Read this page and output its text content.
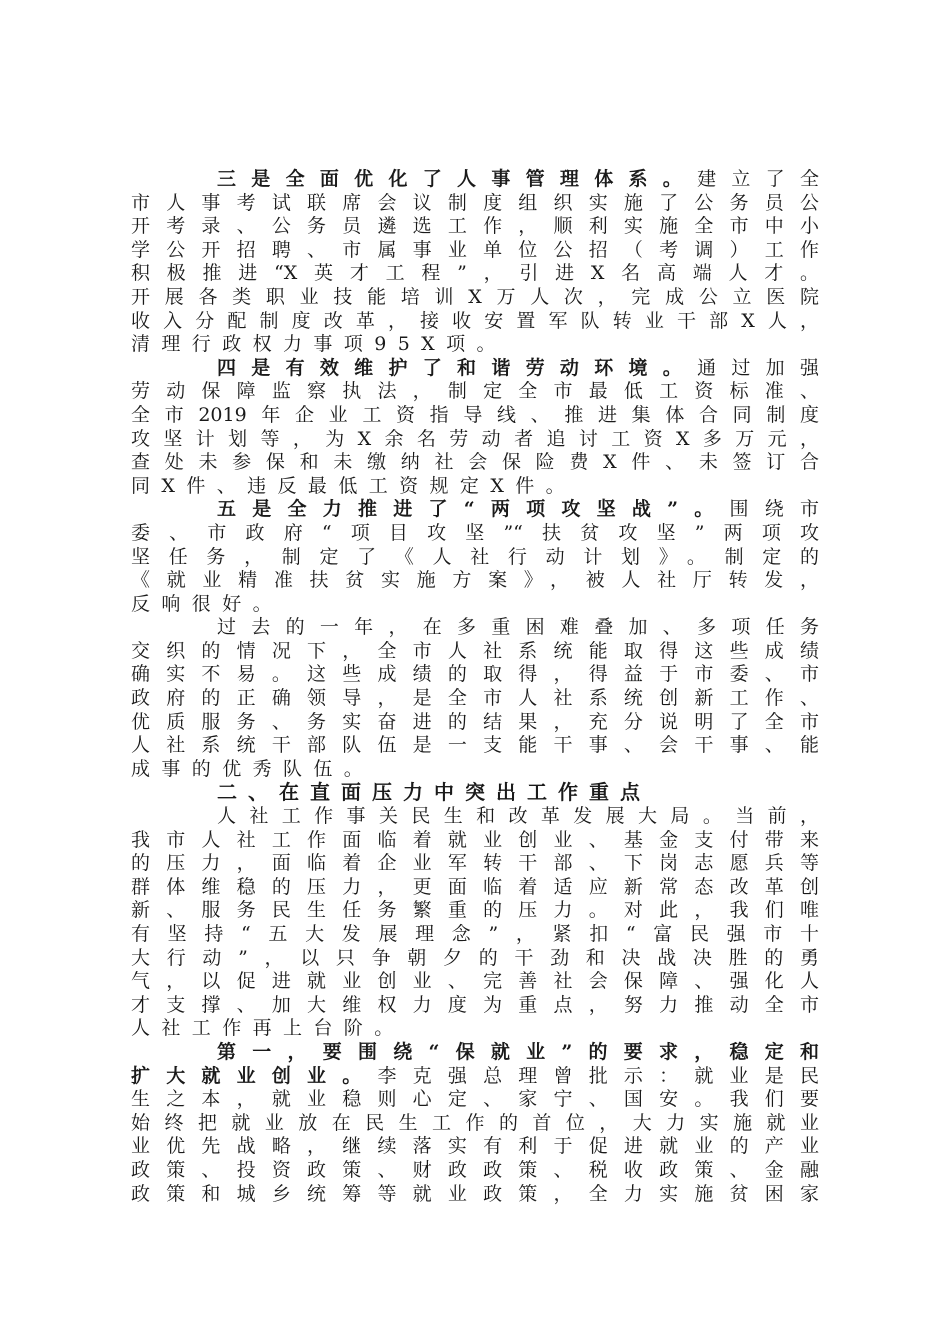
三是全面优化了人事管理体系。建立了全
市人事考试联席会议制度组织实施了公务员公
开考录、公务员遴选工作，顺利实施全市中小
学公开招聘、市属事业单位公招（考调）工作
积极推进“X英才工程”，引进X名高端人才。
开展各类职业技能培训X万人次，完成公立医院
收入分配制度改革，接收安置军队转业干部X人，
清理行政权力事项95X项。
四是有效维护了和谐劳动环境。通过加强
劳动保障监察执法，制定全市最低工资标准、
全市2019年企业工资指导线、推进集体合同制度
攻坚计划等，为X余名劳动者追讨工资X多万元，
查处未参保和未缴纳社会保险费X件、未签订合
同X件、违反最低工资规定X件。
五是全力推进了“两项攻坚战”。围绕市
委、市政府“项目攻坚”“扶贫攻坚”两项攻
坚任务，制定了《人社行动计划》。制定的
《就业精准扶贫实施方案》，被人社厅转发，
反响很好。
过去的一年，在多重困难叠加、多项任务
交织的情况下，全市人社系统能取得这些成绩
确实不易。这些成绩的取得，得益于市委、市
政府的正确领导，是全市人社系统创新工作、
优质服务、务实奋进的结果，充分说明了全市
人社系统干部队伍是一支能干事、会干事、能
成事的优秀队伍。
二、在直面压力中突出工作重点
人社工作事关民生和改革发展大局。当前，
我市人社工作面临着就业创业、基金支付带来
的压力，面临着企业军转干部、下岗志愿兵等
群体维稳的压力，更面临着适应新常态改革创
新、服务民生任务繁重的压力。对此，我们唯
有坚持“五大发展理念”，紧扣“富民强市十
大行动”，以只争朝夕的干劲和决战决胜的勇
气，以促进就业创业、完善社会保障、强化人
才支撑、加大维权力度为重点，努力推动全市
人社工作再上台阶。
第一，要围绕“保就业”的要求，稳定和
扩大就业创业。李克强总理曾批示：就业是民
生之本，就业稳则心定、家宁、国安。我们要
始终把就业放在民生工作的首位，大力实施就业
业优先战略，继续落实有利于促进就业的产业
政策、投资政策、财政政策、税收政策、金融
政策和城乡统筹等就业政策，全力实施贫困家
